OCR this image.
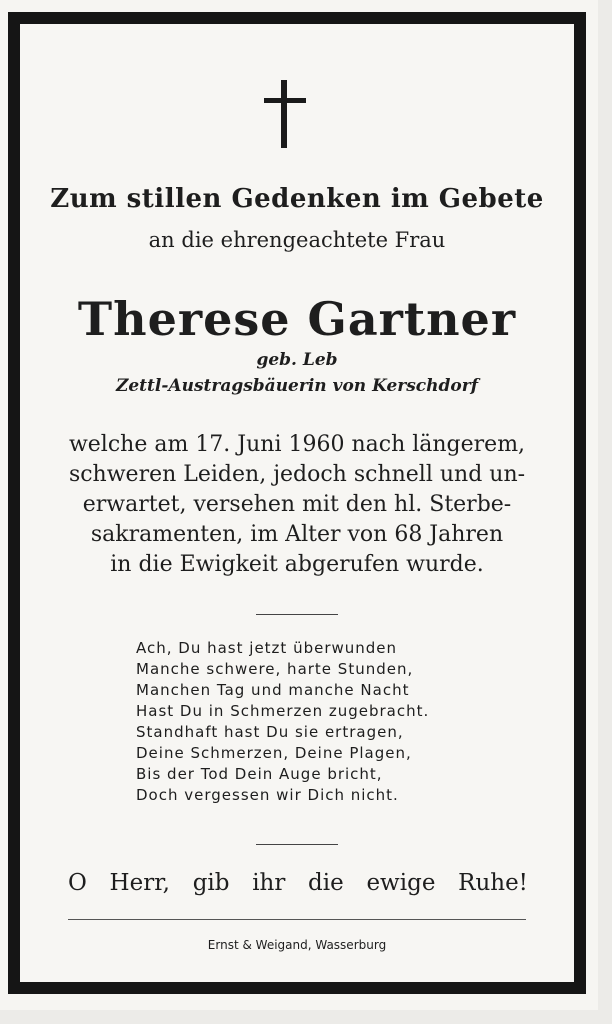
Zum stillen Gedenken im Gebete
an die ehrengeachtete Frau
Therese Gartner
geb. Leb
Zettl-Austragsbäuerin von Kerschdorf
welche am 17. Juni 1960 nach längerem,
schweren Leiden, jedoch schnell und un-
erwartet, versehen mit den hl. Sterbe-
sakramenten, im Alter von 68 Jahren
in die Ewigkeit abgerufen wurde.
Ach, Du hast jetzt überwunden
Manche schwere, harte Stunden,
Manchen Tag und manche Nacht
Hast Du in Schmerzen zugebracht.
Standhaft hast Du sie ertragen,
Deine Schmerzen, Deine Plagen,
Bis der Tod Dein Auge bricht,
Doch vergessen wir Dich nicht.
O Herr, gib ihr die ewige Ruhe!
Ernst & Weigand, Wasserburg
